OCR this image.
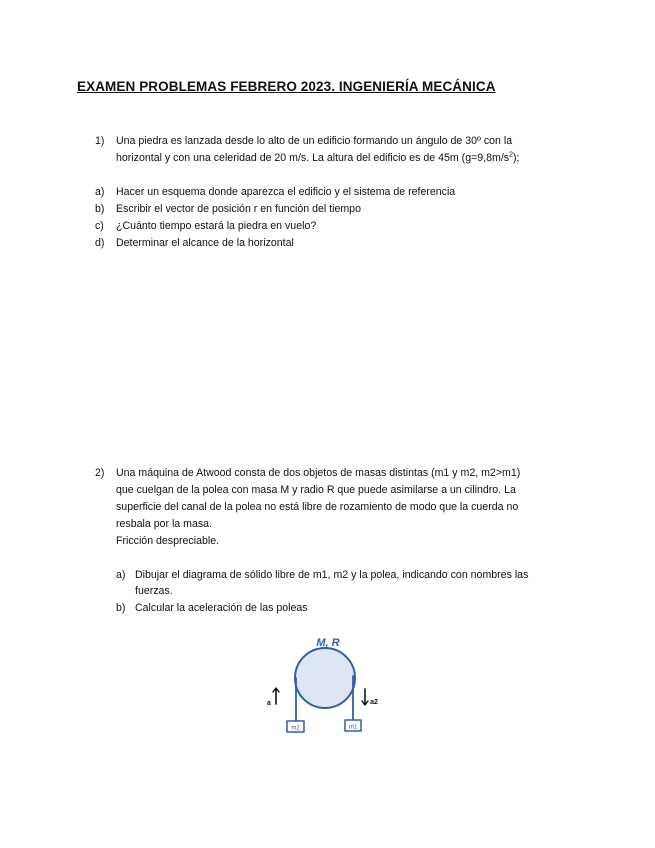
EXAMEN PROBLEMAS FEBRERO 2023. INGENIERÍA MECÁNICA
1)	Una piedra es lanzada desde lo alto de un edificio formando un ángulo de 30º con la
horizontal y con una celeridad de 20 m/s. La altura del edificio es de 45m $(g=9,8m/s^2)$;
a)	Hacer un esquema donde aparezca el edificio y el sistema de referencia
b)	Escribir el vector de posición r en función del tiempo
c)	¿Cuánto tiempo estará la piedra en vuelo?
d)	Determinar el alcance de la horizontal
2)	Una máquina de Atwood consta de dos objetos de masas distintas (m1 y m2, m2>m1)
que cuelgan de la polea con masa M y radio R que puede asimilarse a un cilindro. La
superficie del canal de la polea no está libre de rozamiento de modo que la cuerda no
resbala por la masa.
Fricción despreciable.
a) Dibujar el diagrama de sólido libre de m1, m2 y la polea, indicando con nombres las
fuerzas.
b) Calcular la aceleración de las poleas
M, R
a	a2
m2	m1
